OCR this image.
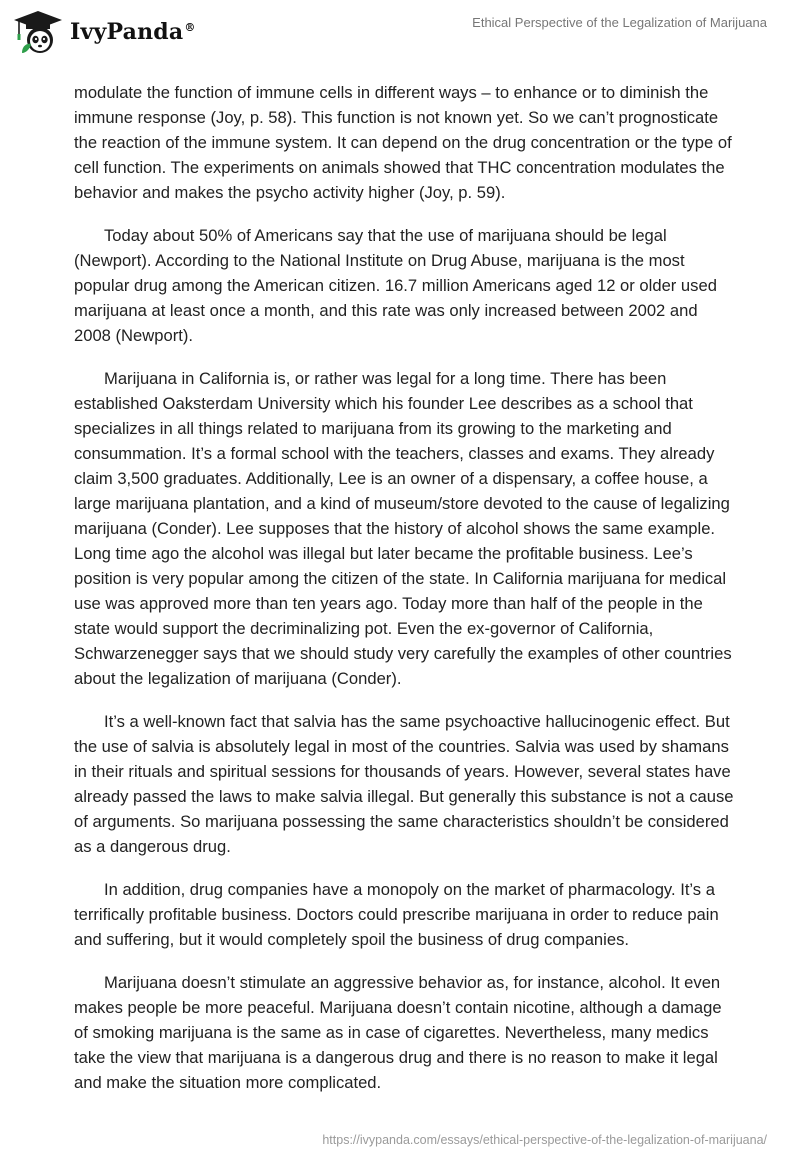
IvyPanda®	Ethical Perspective of the Legalization of Marijuana

modulate the function of immune cells in different ways – to enhance or to diminish the immune response (Joy, p. 58). This function is not known yet. So we can’t prognosticate the reaction of the immune system. It can depend on the drug concentration or the type of cell function. The experiments on animals showed that THC concentration modulates the behavior and makes the psycho activity higher (Joy, p. 59).

Today about 50% of Americans say that the use of marijuana should be legal (Newport). According to the National Institute on Drug Abuse, marijuana is the most popular drug among the American citizen. 16.7 million Americans aged 12 or older used marijuana at least once a month, and this rate was only increased between 2002 and 2008 (Newport).

Marijuana in California is, or rather was legal for a long time. There has been established Oaksterdam University which his founder Lee describes as a school that specializes in all things related to marijuana from its growing to the marketing and consummation. It’s a formal school with the teachers, classes and exams. They already claim 3,500 graduates. Additionally, Lee is an owner of a dispensary, a coffee house, a large marijuana plantation, and a kind of museum/store devoted to the cause of legalizing marijuana (Conder). Lee supposes that the history of alcohol shows the same example. Long time ago the alcohol was illegal but later became the profitable business. Lee’s position is very popular among the citizen of the state. In California marijuana for medical use was approved more than ten years ago. Today more than half of the people in the state would support the decriminalizing pot. Even the ex-governor of California, Schwarzenegger says that we should study very carefully the examples of other countries about the legalization of marijuana (Conder).

It’s a well-known fact that salvia has the same psychoactive hallucinogenic effect. But the use of salvia is absolutely legal in most of the countries. Salvia was used by shamans in their rituals and spiritual sessions for thousands of years. However, several states have already passed the laws to make salvia illegal. But generally this substance is not a cause of arguments. So marijuana possessing the same characteristics shouldn’t be considered as a dangerous drug.

In addition, drug companies have a monopoly on the market of pharmacology. It’s a terrifically profitable business. Doctors could prescribe marijuana in order to reduce pain and suffering, but it would completely spoil the business of drug companies.

Marijuana doesn’t stimulate an aggressive behavior as, for instance, alcohol. It even makes people be more peaceful. Marijuana doesn’t contain nicotine, although a damage of smoking marijuana is the same as in case of cigarettes. Nevertheless, many medics take the view that marijuana is a dangerous drug and there is no reason to make it legal and make the situation more complicated.

https://ivypanda.com/essays/ethical-perspective-of-the-legalization-of-marijuana/
